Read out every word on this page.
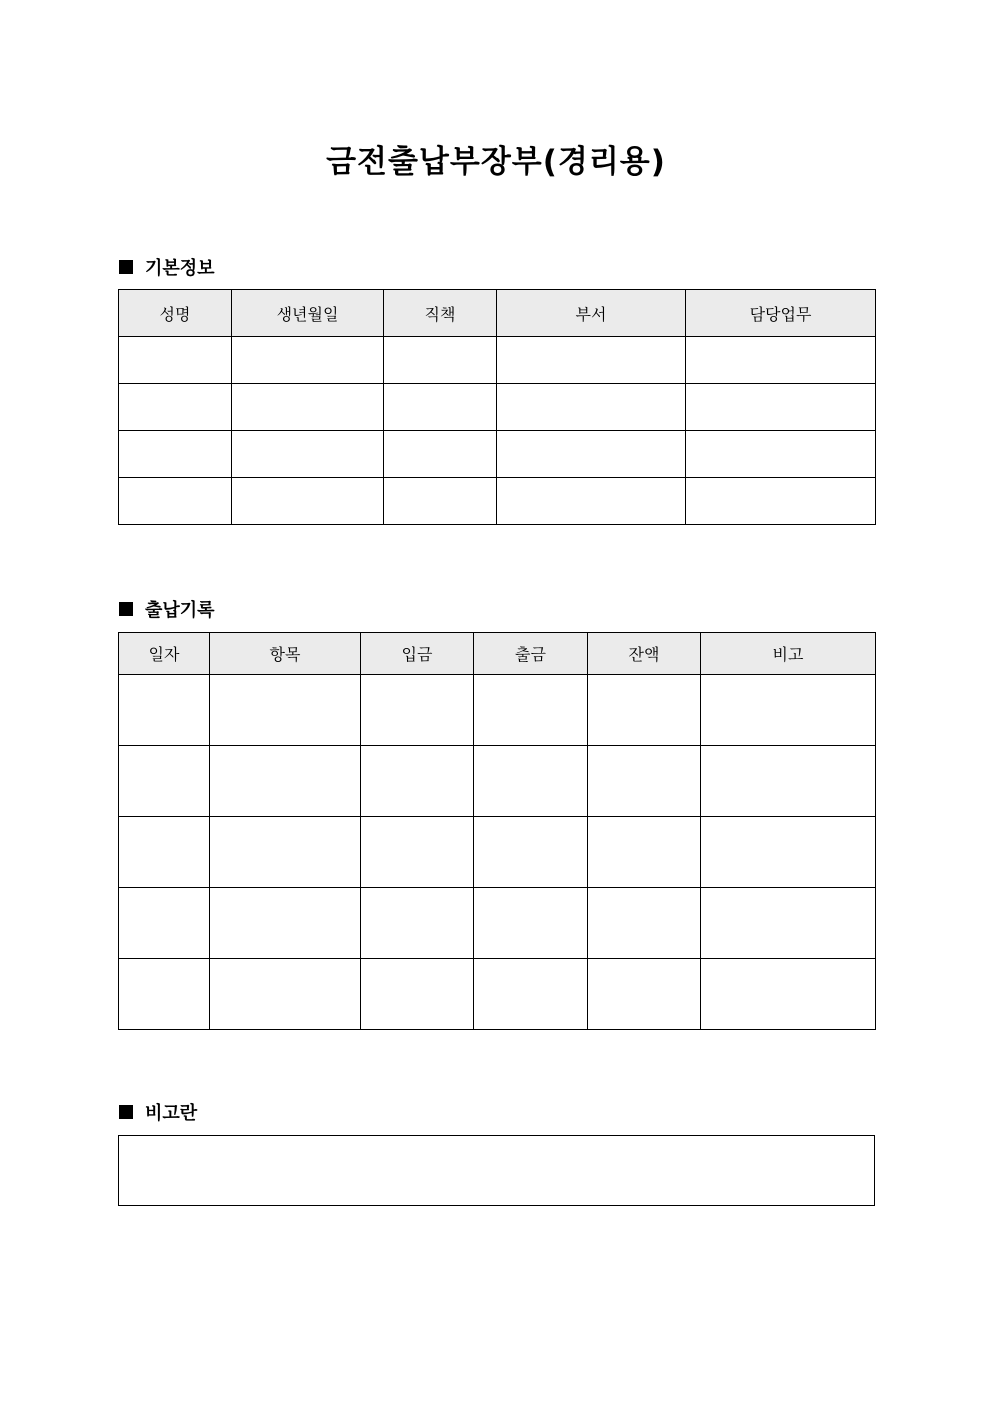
금전출납부장부(경리용)
기본정보
성명	생년월일	직책	부서	담당업무

출납기록
일자	항목	입금	출금	잔액	비고

비고란
